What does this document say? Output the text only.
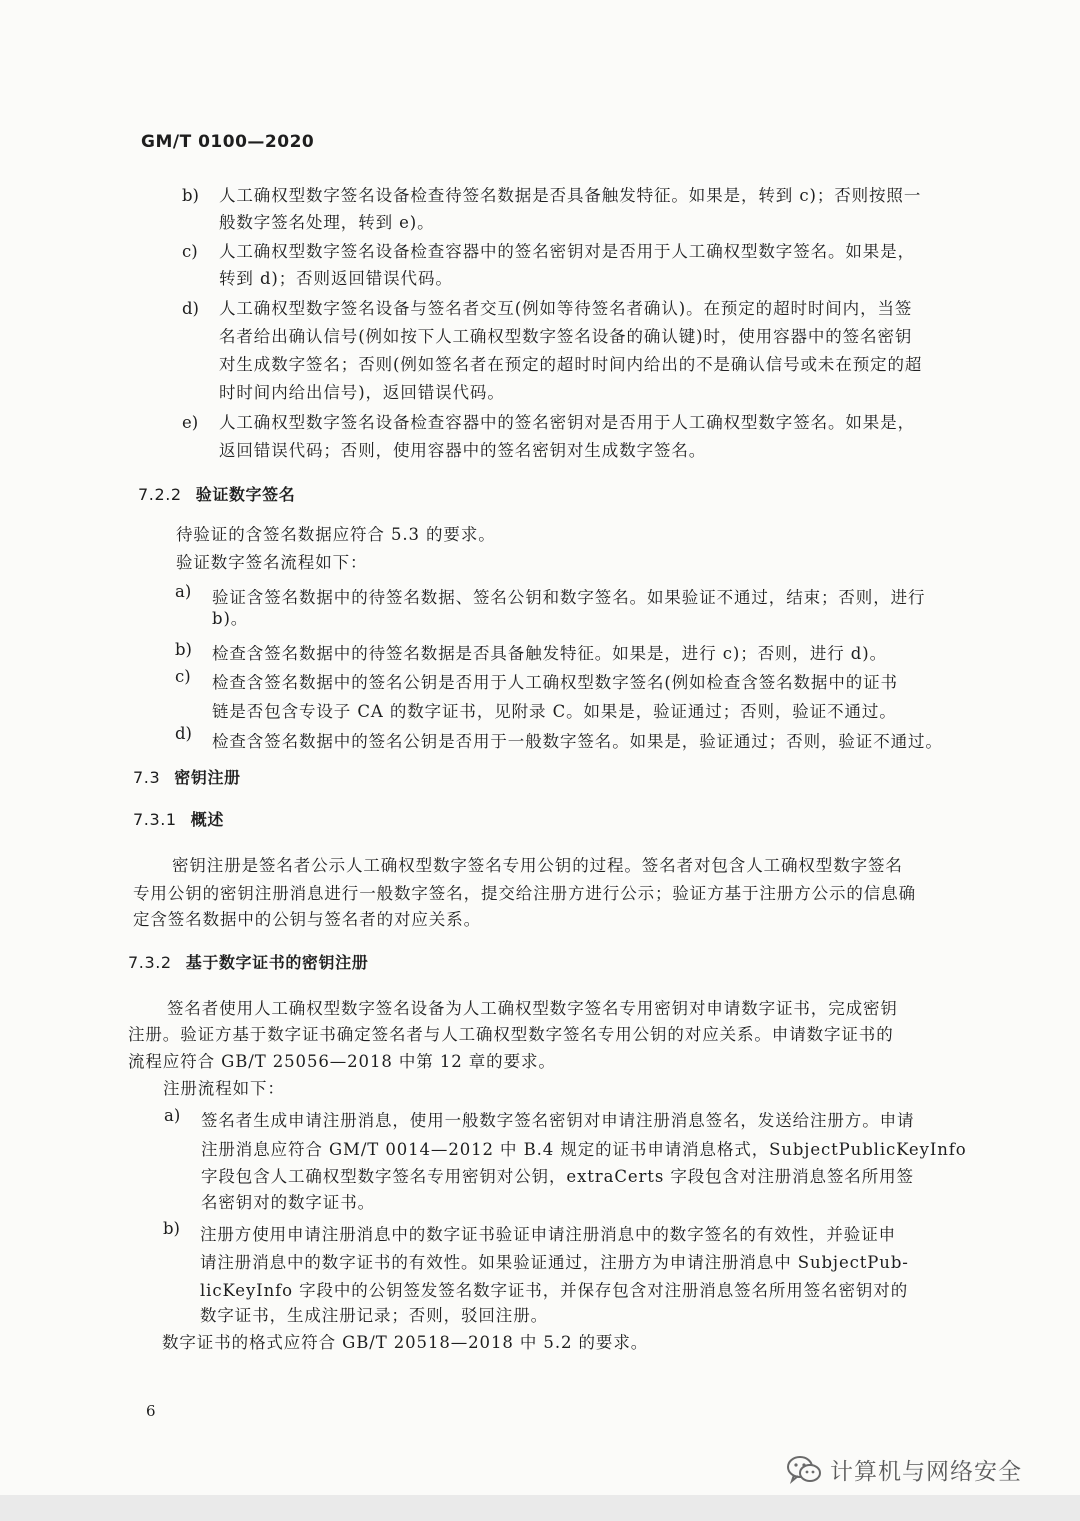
GM/T 0100—2020
b) 人工确权型数字签名设备检查待签名数据是否具备触发特征。如果是，转到 c)；否则按照一
般数字签名处理，转到 e)。
c) 人工确权型数字签名设备检查容器中的签名密钥对是否用于人工确权型数字签名。如果是，
转到 d)；否则返回错误代码。
d) 人工确权型数字签名设备与签名者交互(例如等待签名者确认)。在预定的超时时间内，当签
名者给出确认信号(例如按下人工确权型数字签名设备的确认键)时，使用容器中的签名密钥
对生成数字签名；否则(例如签名者在预定的超时时间内给出的不是确认信号或未在预定的超
时时间内给出信号)，返回错误代码。
e) 人工确权型数字签名设备检查容器中的签名密钥对是否用于人工确权型数字签名。如果是，
返回错误代码；否则，使用容器中的签名密钥对生成数字签名。
7.2.2 验证数字签名
待验证的含签名数据应符合 5.3 的要求。
验证数字签名流程如下：
a) 验证含签名数据中的待签名数据、签名公钥和数字签名。如果验证不通过，结束；否则，进行
b)。
b) 检查含签名数据中的待签名数据是否具备触发特征。如果是，进行 c)；否则，进行 d)。
c) 检查含签名数据中的签名公钥是否用于人工确权型数字签名(例如检查含签名数据中的证书
链是否包含专设子 CA 的数字证书，见附录 C。如果是，验证通过；否则，验证不通过。
d) 检查含签名数据中的签名公钥是否用于一般数字签名。如果是，验证通过；否则，验证不通过。
7.3 密钥注册
7.3.1 概述
密钥注册是签名者公示人工确权型数字签名专用公钥的过程。签名者对包含人工确权型数字签名
专用公钥的密钥注册消息进行一般数字签名，提交给注册方进行公示；验证方基于注册方公示的信息确
定含签名数据中的公钥与签名者的对应关系。
7.3.2 基于数字证书的密钥注册
签名者使用人工确权型数字签名设备为人工确权型数字签名专用密钥对申请数字证书，完成密钥
注册。验证方基于数字证书确定签名者与人工确权型数字签名专用公钥的对应关系。申请数字证书的
流程应符合 GB/T 25056—2018 中第 12 章的要求。
注册流程如下：
a) 签名者生成申请注册消息，使用一般数字签名密钥对申请注册消息签名，发送给注册方。申请
注册消息应符合 GM/T 0014—2012 中 B.4 规定的证书申请消息格式，SubjectPublicKeyInfo
字段包含人工确权型数字签名专用密钥对公钥，extraCerts 字段包含对注册消息签名所用签
名密钥对的数字证书。
b) 注册方使用申请注册消息中的数字证书验证申请注册消息中的数字签名的有效性，并验证申
请注册消息中的数字证书的有效性。如果验证通过，注册方为申请注册消息中 SubjectPub-
licKeyInfo 字段中的公钥签发签名数字证书，并保存包含对注册消息签名所用签名密钥对的
数字证书，生成注册记录；否则，驳回注册。
数字证书的格式应符合 GB/T 20518—2018 中 5.2 的要求。
6
计算机与网络安全
